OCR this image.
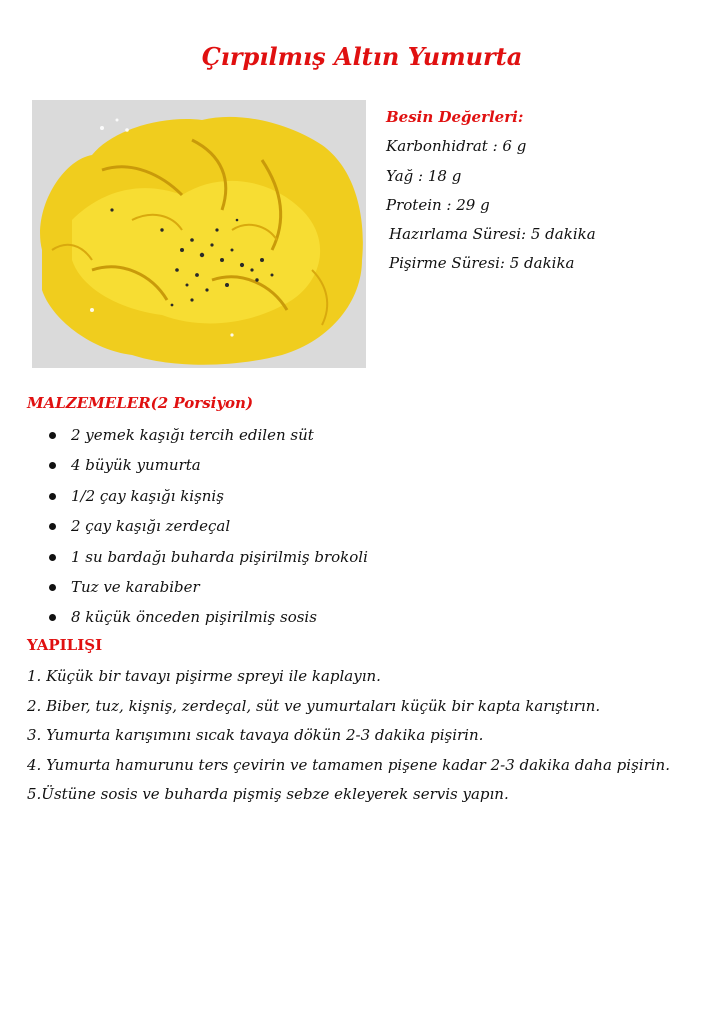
Çırpılmış Altın Yumurta
Besin Değerleri:
Karbonhidrat : 6 g
Yağ : 18 g
Protein : 29 g
Hazırlama Süresi: 5 dakika
Pişirme Süresi: 5 dakika
MALZEMELER(2 Porsiyon)
2 yemek kaşığı tercih edilen süt
4 büyük yumurta
1/2 çay kaşığı kişniş
2 çay kaşığı zerdeçal
1 su bardağı buharda pişirilmiş brokoli
Tuz ve karabiber
8 küçük önceden pişirilmiş sosis
YAPILIŞI
1. Küçük bir tavayı pişirme spreyi ile kaplayın.
2. Biber, tuz, kişniş, zerdeçal, süt ve yumurtaları küçük bir kapta karıştırın.
3. Yumurta karışımını sıcak tavaya dökün 2-3 dakika pişirin.
4. Yumurta hamurunu ters çevirin ve tamamen pişene kadar 2-3 dakika daha pişirin.
5.Üstüne sosis ve buharda pişmiş sebze ekleyerek servis yapın.
